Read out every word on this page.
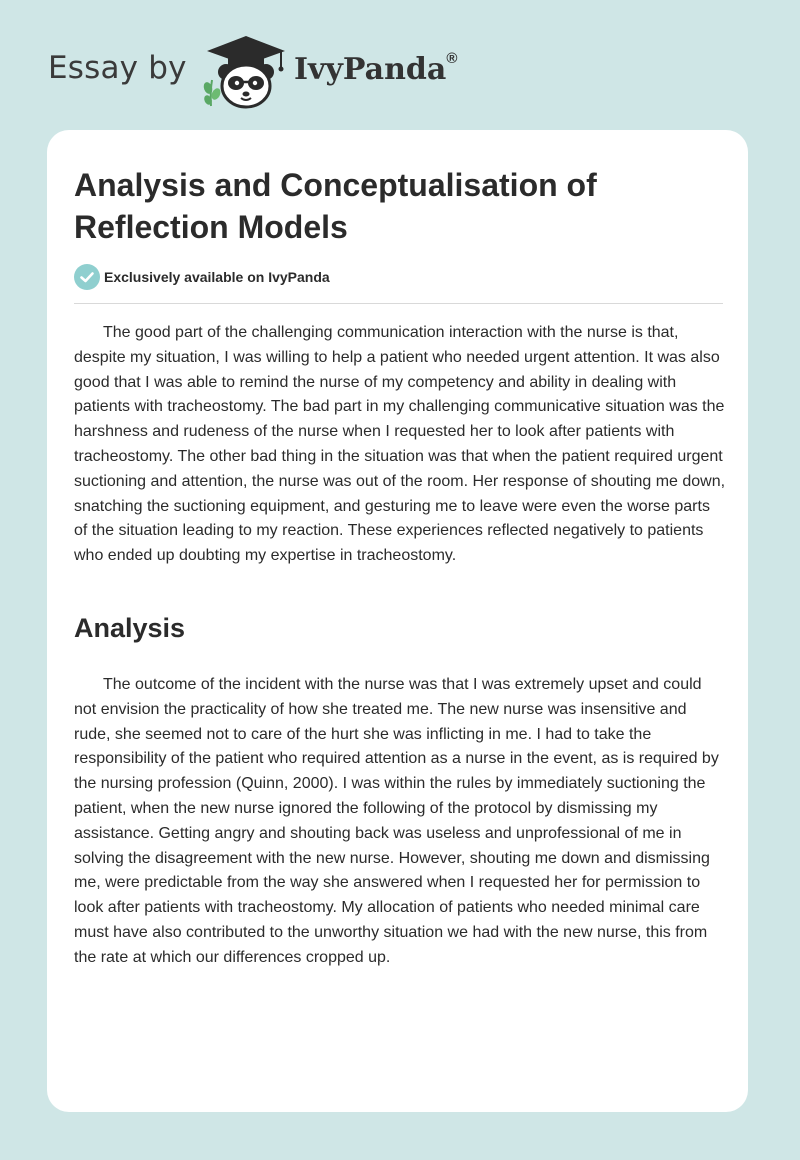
Essay by	IvyPanda®
Analysis and Conceptualisation of Reflection Models
Exclusively available on IvyPanda

The good part of the challenging communication interaction with the nurse is that, despite my situation, I was willing to help a patient who needed urgent attention. It was also good that I was able to remind the nurse of my competency and ability in dealing with patients with tracheostomy. The bad part in my challenging communicative situation was the harshness and rudeness of the nurse when I requested her to look after patients with tracheostomy. The other bad thing in the situation was that when the patient required urgent suctioning and attention, the nurse was out of the room. Her response of shouting me down, snatching the suctioning equipment, and gesturing me to leave were even the worse parts of the situation leading to my reaction. These experiences reflected negatively to patients who ended up doubting my expertise in tracheostomy.

Analysis

The outcome of the incident with the nurse was that I was extremely upset and could not envision the practicality of how she treated me. The new nurse was insensitive and rude, she seemed not to care of the hurt she was inflicting in me. I had to take the responsibility of the patient who required attention as a nurse in the event, as is required by the nursing profession (Quinn, 2000). I was within the rules by immediately suctioning the patient, when the new nurse ignored the following of the protocol by dismissing my assistance. Getting angry and shouting back was useless and unprofessional of me in solving the disagreement with the new nurse. However, shouting me down and dismissing me, were predictable from the way she answered when I requested her for permission to look after patients with tracheostomy. My allocation of patients who needed minimal care must have also contributed to the unworthy situation we had with the new nurse, this from the rate at which our differences cropped up.
